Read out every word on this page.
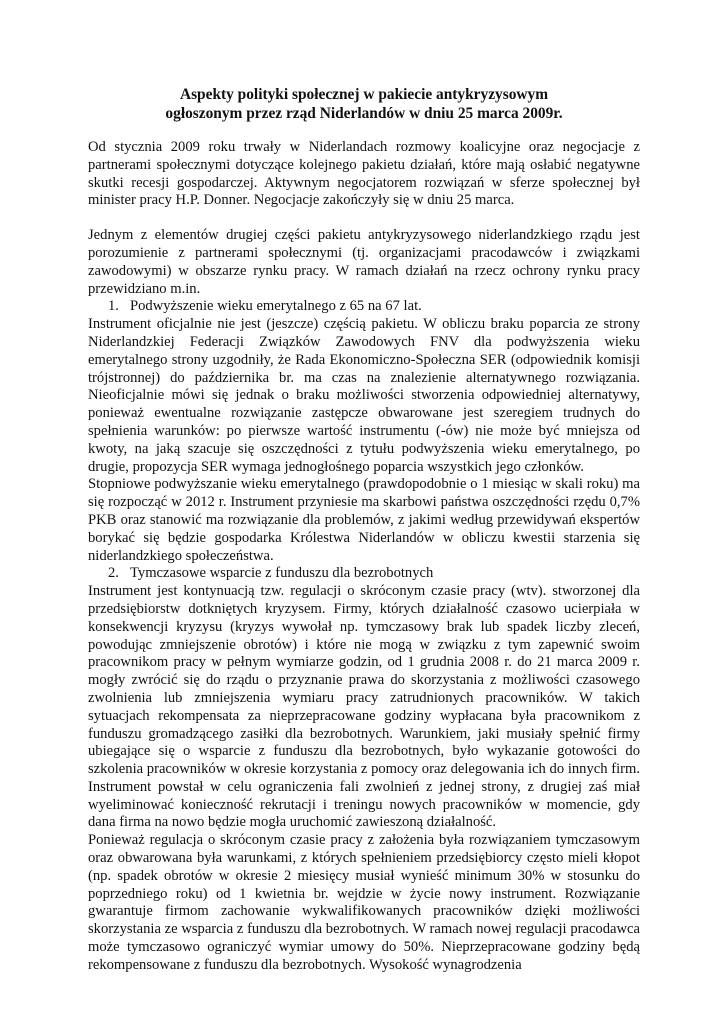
Aspekty polityki społecznej w pakiecie antykryzysowym
ogłoszonym przez rząd Niderlandów w dniu 25 marca 2009r.

Od stycznia 2009 roku trwały w Niderlandach rozmowy koalicyjne oraz negocjacje z partnerami społecznymi dotyczące kolejnego pakietu działań, które mają osłabić negatywne skutki recesji gospodarczej. Aktywnym negocjatorem rozwiązań w sferze społecznej był minister pracy H.P. Donner. Negocjacje zakończyły się w dniu 25 marca.

Jednym z elementów drugiej części pakietu antykryzysowego niderlandzkiego rządu jest porozumienie z partnerami społecznymi (tj. organizacjami pracodawców i związkami zawodowymi) w obszarze rynku pracy. W ramach działań na rzecz ochrony rynku pracy przewidziano m.in.

1. Podwyższenie wieku emerytalnego z 65 na 67 lat.

Instrument oficjalnie nie jest (jeszcze) częścią pakietu. W obliczu braku poparcia ze strony Niderlandzkiej Federacji Związków Zawodowych FNV dla podwyższenia wieku emerytalnego strony uzgodniły, że Rada Ekonomiczno-Społeczna SER (odpowiednik komisji trójstronnej) do października br. ma czas na znalezienie alternatywnego rozwiązania. Nieoficjalnie mówi się jednak o braku możliwości stworzenia odpowiedniej alternatywy, ponieważ ewentualne rozwiązanie zastępcze obwarowane jest szeregiem trudnych do spełnienia warunków: po pierwsze wartość instrumentu (-ów) nie może być mniejsza od kwoty, na jaką szacuje się oszczędności z tytułu podwyższenia wieku emerytalnego, po drugie, propozycja SER wymaga jednogłośnego poparcia wszystkich jego członków.

Stopniowe podwyższanie wieku emerytalnego (prawdopodobnie o 1 miesiąc w skali roku) ma się rozpocząć w 2012 r. Instrument przyniesie ma skarbowi państwa oszczędności rzędu 0,7% PKB oraz stanowić ma rozwiązanie dla problemów, z jakimi według przewidywań ekspertów borykać się będzie gospodarka Królestwa Niderlandów w obliczu kwestii starzenia się niderlandzkiego społeczeństwa.

2. Tymczasowe wsparcie z funduszu dla bezrobotnych

Instrument jest kontynuacją tzw. regulacji o skróconym czasie pracy (wtv). stworzonej dla przedsiębiorstw dotkniętych kryzysem. Firmy, których działalność czasowo ucierpiała w konsekwencji kryzysu (kryzys wywołał np. tymczasowy brak lub spadek liczby zleceń, powodując zmniejszenie obrotów) i które nie mogą w związku z tym zapewnić swoim pracownikom pracy w pełnym wymiarze godzin, od 1 grudnia 2008 r. do 21 marca 2009 r. mogły zwrócić się do rządu o przyznanie prawa do skorzystania z możliwości czasowego zwolnienia lub zmniejszenia wymiaru pracy zatrudnionych pracowników. W takich sytuacjach rekompensata za nieprzepracowane godziny wypłacana była pracownikom z funduszu gromadzącego zasiłki dla bezrobotnych. Warunkiem, jaki musiały spełnić firmy ubiegające się o wsparcie z funduszu dla bezrobotnych, było wykazanie gotowości do szkolenia pracowników w okresie korzystania z pomocy oraz delegowania ich do innych firm. Instrument powstał w celu ograniczenia fali zwolnień z jednej strony, z drugiej zaś miał wyeliminować konieczność rekrutacji i treningu nowych pracowników w momencie, gdy dana firma na nowo będzie mogła uruchomić zawieszoną działalność.

Ponieważ regulacja o skróconym czasie pracy z założenia była rozwiązaniem tymczasowym oraz obwarowana była warunkami, z których spełnieniem przedsiębiorcy często mieli kłopot (np. spadek obrotów w okresie 2 miesięcy musiał wynieść minimum 30% w stosunku do poprzedniego roku) od 1 kwietnia br. wejdzie w życie nowy instrument. Rozwiązanie gwarantuje firmom zachowanie wykwalifikowanych pracowników dzięki możliwości skorzystania ze wsparcia z funduszu dla bezrobotnych. W ramach nowej regulacji pracodawca może tymczasowo ograniczyć wymiar umowy do 50%. Nieprzepracowane godziny będą rekompensowane z funduszu dla bezrobotnych. Wysokość wynagrodzenia
